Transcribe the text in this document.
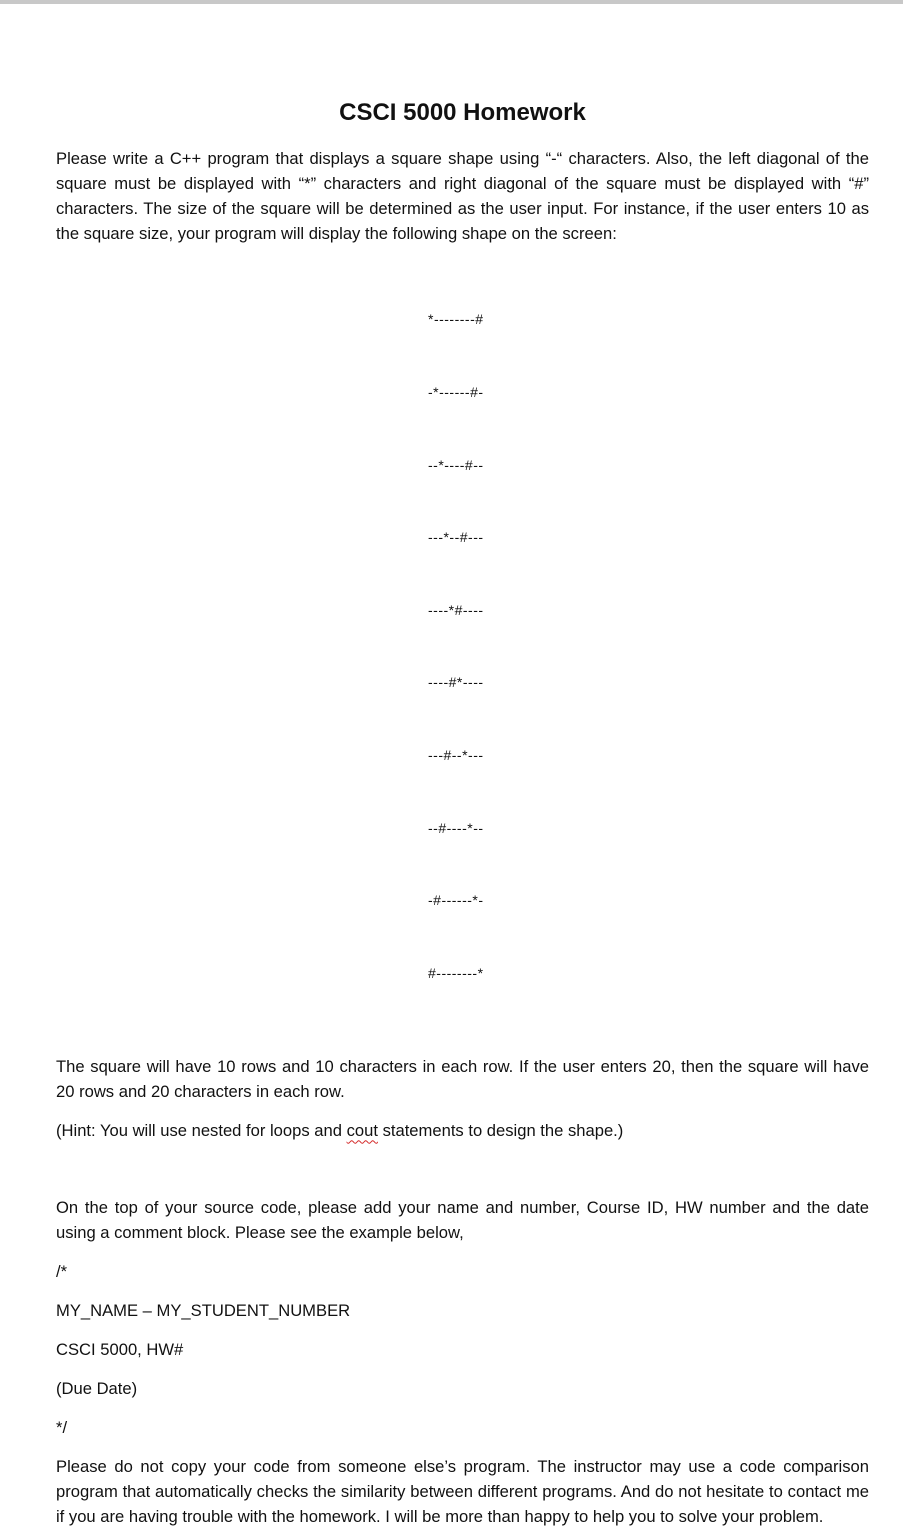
CSCI 5000 Homework

Please write a C++ program that displays a square shape using “-“ characters. Also, the left diagonal of the square must be displayed with “*” characters and right diagonal of the square must be displayed with “#” characters. The size of the square will be determined as the user input. For instance, if the user enters 10 as the square size, your program will display the following shape on the screen:

*--------#

-*------#-

--*----#--

---*--#---

----*#----

----#*----

---#--*---

--#----*--

-#------*-

#--------*

The square will have 10 rows and 10 characters in each row. If the user enters 20, then the square will have 20 rows and 20 characters in each row.

(Hint: You will use nested for loops and cout statements to design the shape.)

On the top of your source code, please add your name and number, Course ID, HW number and the date using a comment block. Please see the example below,

/*

MY_NAME – MY_STUDENT_NUMBER

CSCI 5000, HW#

(Due Date)

*/

Please do not copy your code from someone else’s program. The instructor may use a code comparison program that automatically checks the similarity between different programs. And do not hesitate to contact me if you are having trouble with the homework. I will be more than happy to help you to solve your problem.
